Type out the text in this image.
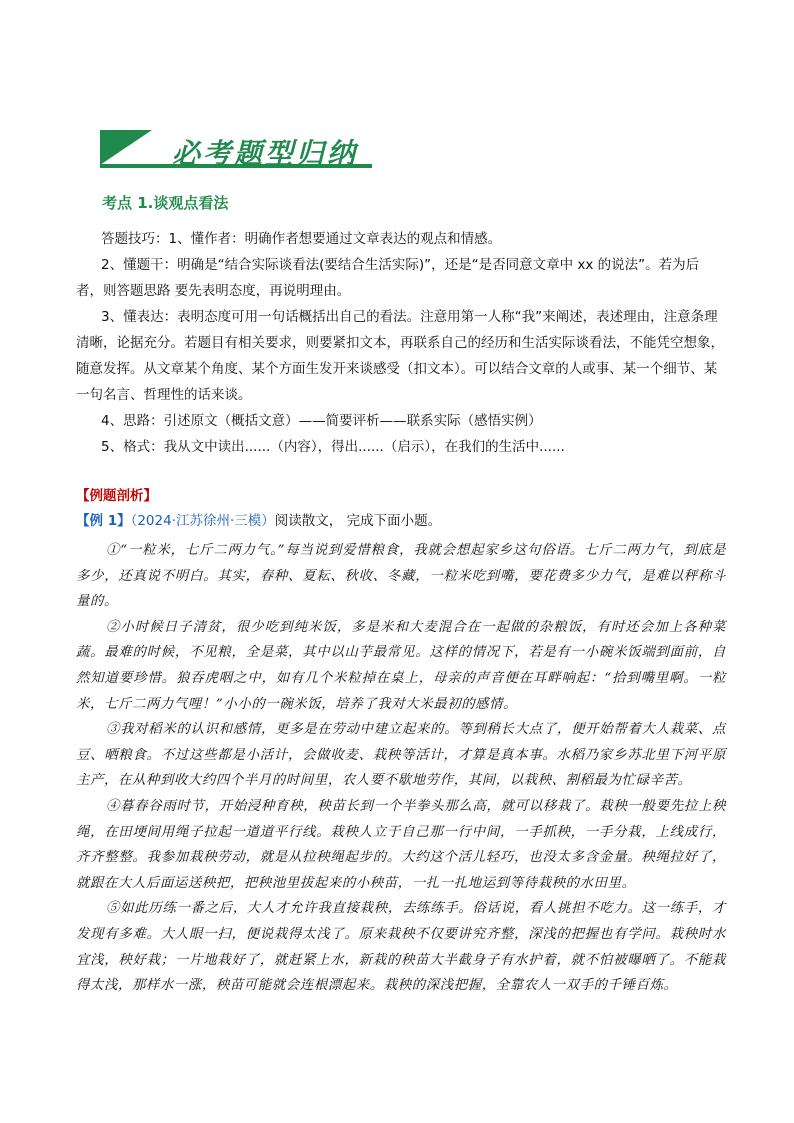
必考题型归纳
考点 1.谈观点看法

答题技巧：1、懂作者：明确作者想要通过文章表达的观点和情感。

2、懂题干：明确是“结合实际谈看法(要结合生活实际)”，还是“是否同意文章中 xx 的说法”。若为后者，则答题思路 要先表明态度，再说明理由。

3、懂表达：表明态度可用一句话概括出自己的看法。注意用第一人称“我”来阐述，表述理由，注意条理清晰，论据充分。若题目有相关要求，则要紧扣文本，再联系自己的经历和生活实际谈看法，不能凭空想象，随意发挥。从文章某个角度、某个方面生发开来谈感受（扣文本）。可以结合文章的人或事、某一个细节、某一句名言、哲理性的话来谈。

4、思路：引述原文（概括文意）——简要评析——联系实际（感悟实例）

5、格式：我从文中读出......（内容），得出......（启示），在我们的生活中......

【例题剖析】
【例 1】（2024·江苏徐州·三模）阅读散文， 完成下面小题。

①“一粒米，七斤二两力气。”每当说到爱惜粮食，我就会想起家乡这句俗语。七斤二两力气，到底是多少，还真说不明白。其实，春种、夏耘、秋收、冬藏，一粒米吃到嘴，要花费多少力气，是难以秤称斗量的。

②小时候日子清贫，很少吃到纯米饭，多是米和大麦混合在一起做的杂粮饭，有时还会加上各种菜蔬。最难的时候，不见粮，全是菜，其中以山芋最常见。这样的情况下，若是有一小碗米饭端到面前，自然知道要珍惜。狼吞虎咽之中，如有几个米粒掉在桌上，母亲的声音便在耳畔响起：“拾到嘴里啊。一粒米，七斤二两力气哩！”小小的一碗米饭，培养了我对大米最初的感情。

③我对稻米的认识和感情，更多是在劳动中建立起来的。等到稍长大点了，便开始帮着大人栽菜、点豆、晒粮食。不过这些都是小活计，会做收麦、栽秧等活计，才算是真本事。水稻乃家乡苏北里下河平原主产，在从种到收大约四个半月的时间里，农人要不歇地劳作，其间，以栽秧、割稻最为忙碌辛苦。

④暮春谷雨时节，开始浸种育秧，秧苗长到一个半拳头那么高，就可以移栽了。栽秧一般要先拉上秧绳，在田埂间用绳子拉起一道道平行线。栽秧人立于自己那一行中间，一手抓秧，一手分栽，上线成行，齐齐整整。我参加栽秧劳动，就是从拉秧绳起步的。大约这个活儿轻巧，也没太多含金量。秧绳拉好了，就跟在大人后面运送秧把，把秧池里拔起来的小秧苗，一扎一扎地运到等待栽秧的水田里。

⑤如此历练一番之后，大人才允许我直接栽秧，去练练手。俗话说，看人挑担不吃力。这一练手，才发现有多难。大人眼一扫，便说栽得太浅了。原来栽秧不仅要讲究齐整，深浅的把握也有学问。栽秧时水宜浅，秧好栽；一片地栽好了，就赶紧上水，新栽的秧苗大半截身子有水护着，就不怕被曝晒了。不能栽得太浅，那样水一涨，秧苗可能就会连根漂起来。栽秧的深浅把握，全靠农人一双手的千锤百炼。
